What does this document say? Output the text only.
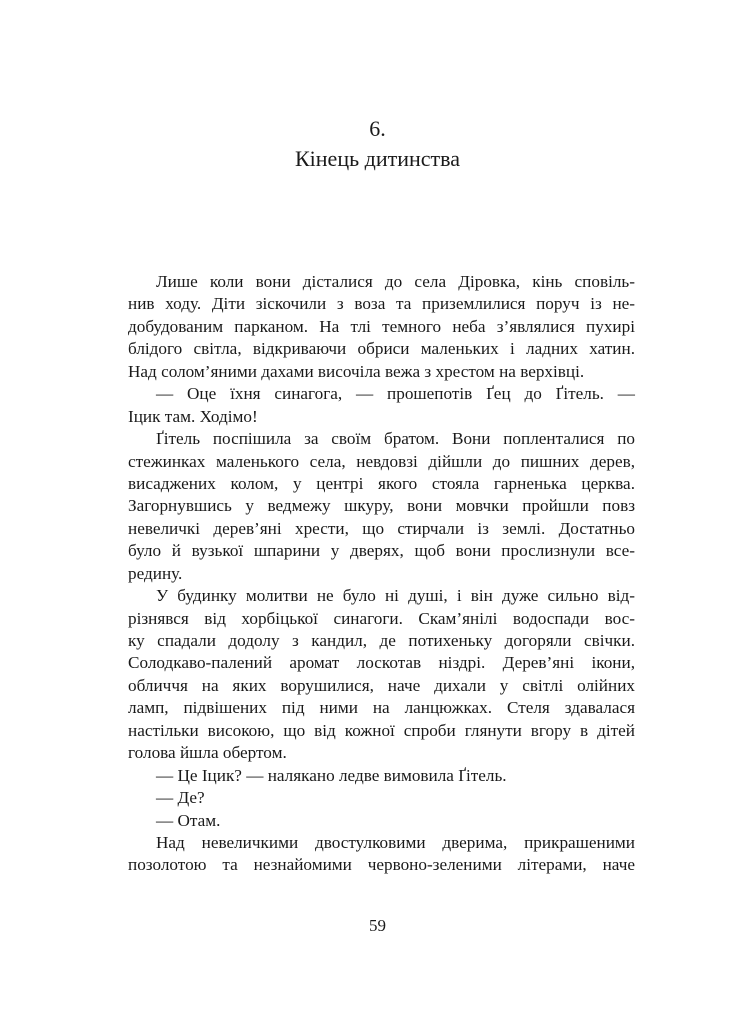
6.
Кінець дитинства
Лише коли вони дісталися до села Діровка, кінь сповіль-
нив ходу. Діти зіскочили з воза та приземлилися поруч із не-
добудованим парканом. На тлі темного неба з’являлися пухирі
блідого світла, відкриваючи обриси маленьких і ладних хатин.
Над солом’яними дахами височіла вежа з хрестом на верхівці.
— Оце їхня синагога, — прошепотів Ґец до Ґітель. —
Іцик там. Ходімо!
Ґітель поспішила за своїм братом. Вони попленталися по
стежинках маленького села, невдовзі дійшли до пишних дерев,
висаджених колом, у центрі якого стояла гарненька церква.
Загорнувшись у ведмежу шкуру, вони мовчки пройшли повз
невеличкі дерев’яні хрести, що стирчали із землі. Достатньо
було й вузької шпарини у дверях, щоб вони прослизнули все-
редину.
У будинку молитви не було ні душі, і він дуже сильно від-
різнявся від хорбіцької синагоги. Скам’янілі водоспади вос-
ку спадали додолу з кандил, де потихеньку догоряли свічки.
Солодкаво-палений аромат лоскотав ніздрі. Дерев’яні ікони,
обличчя на яких ворушилися, наче дихали у світлі олійних
ламп, підвішених під ними на ланцюжках. Стеля здавалася
настільки високою, що від кожної спроби глянути вгору в дітей
голова йшла обертом.
— Це Іцик? — налякано ледве вимовила Ґітель.
— Де?
— Отам.
Над невеличкими двостулковими дверима, прикрашеними
позолотою та незнайомими червоно-зеленими літерами, наче
59
